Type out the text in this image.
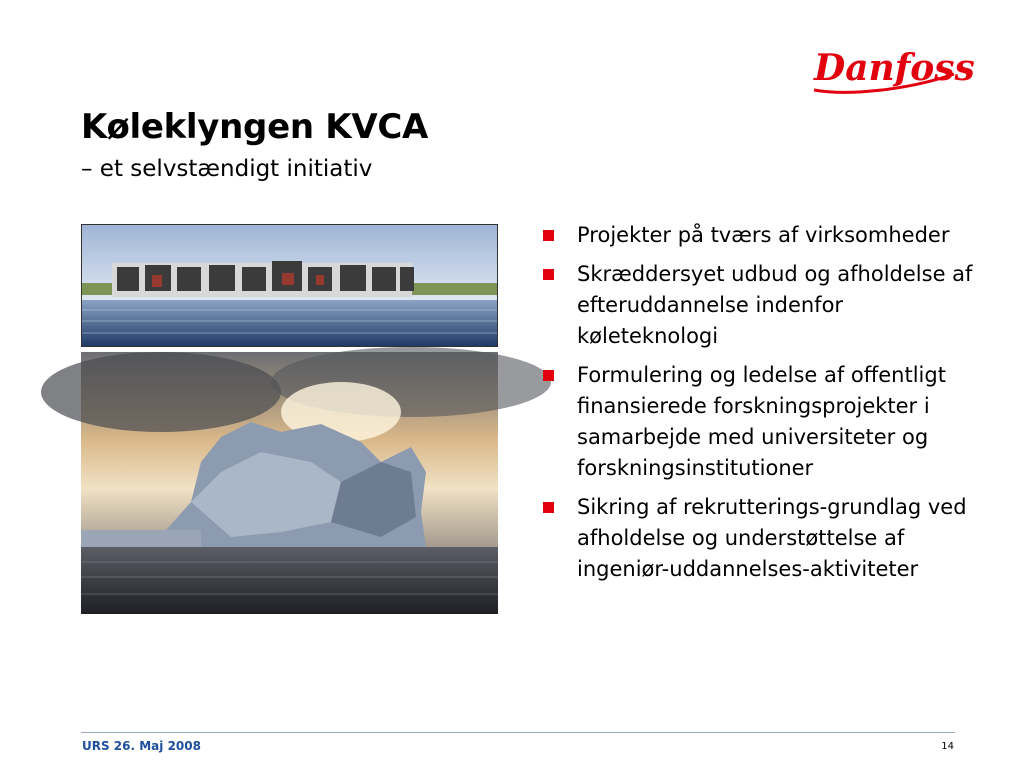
Danfoss
Køleklyngen KVCA
– et selvstændigt initiativ
Projekter på tværs af virksomheder
Skræddersyet udbud og afholdelse af efteruddannelse indenfor køleteknologi
Formulering og ledelse af offentligt finansierede forskningsprojekter i samarbejde med universiteter og forskningsinstitutioner
Sikring af rekrutterings-grundlag ved afholdelse og understøttelse af ingeniør-uddannelses-aktiviteter
URS 26. Maj 2008	14
